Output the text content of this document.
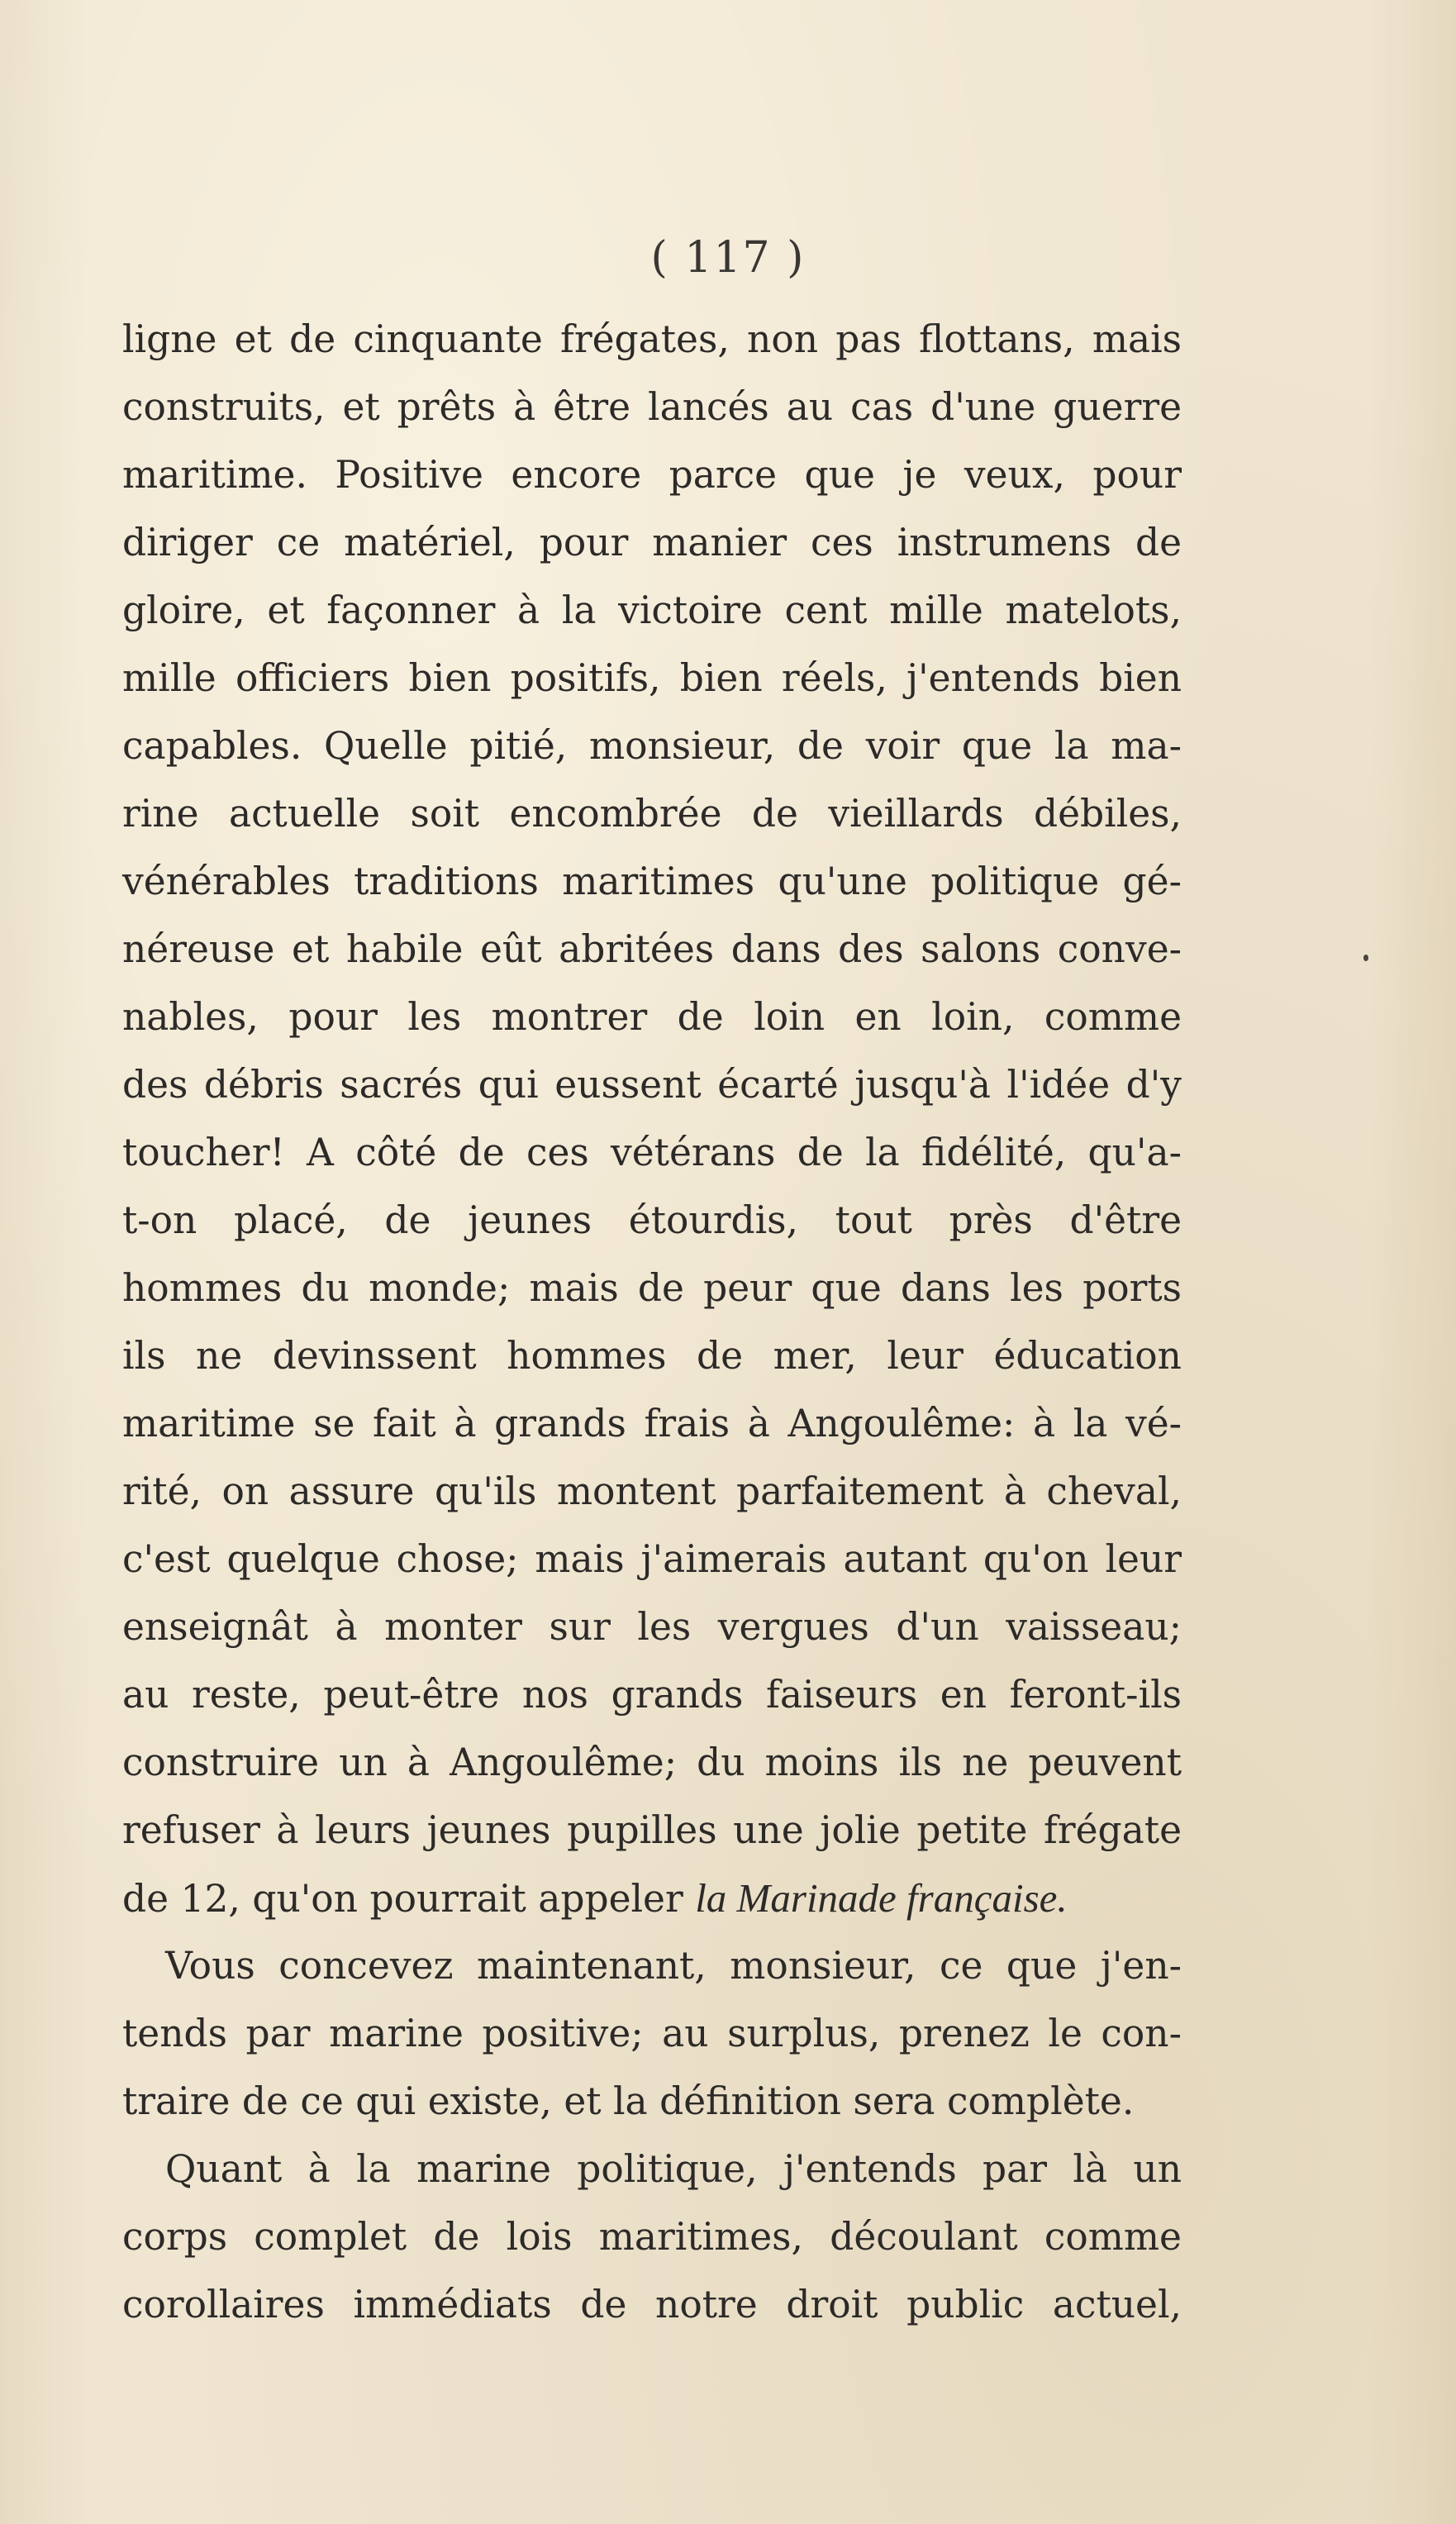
( 117 )
ligne et de cinquante frégates, non pas flottans, mais
construits, et prêts à être lancés au cas d'une guerre
maritime. Positive encore parce que je veux, pour
diriger ce matériel, pour manier ces instrumens de
gloire, et façonner à la victoire cent mille matelots,
mille officiers bien positifs, bien réels, j'entends bien
capables. Quelle pitié, monsieur, de voir que la ma-
rine actuelle soit encombrée de vieillards débiles,
vénérables traditions maritimes qu'une politique gé-
néreuse et habile eût abritées dans des salons conve-
nables, pour les montrer de loin en loin, comme
des débris sacrés qui eussent écarté jusqu'à l'idée d'y
toucher! A côté de ces vétérans de la fidélité, qu'a-
t-on placé, de jeunes étourdis, tout près d'être
hommes du monde; mais de peur que dans les ports
ils ne devinssent hommes de mer, leur éducation
maritime se fait à grands frais à Angoulême: à la vé-
rité, on assure qu'ils montent parfaitement à cheval,
c'est quelque chose; mais j'aimerais autant qu'on leur
enseignât à monter sur les vergues d'un vaisseau;
au reste, peut-être nos grands faiseurs en feront-ils
construire un à Angoulême; du moins ils ne peuvent
refuser à leurs jeunes pupilles une jolie petite frégate
de 12, qu'on pourrait appeler la Marinade française.
Vous concevez maintenant, monsieur, ce que j'en-
tends par marine positive; au surplus, prenez le con-
traire de ce qui existe, et la définition sera complète.
Quant à la marine politique, j'entends par là un
corps complet de lois maritimes, découlant comme
corollaires immédiats de notre droit public actuel,
